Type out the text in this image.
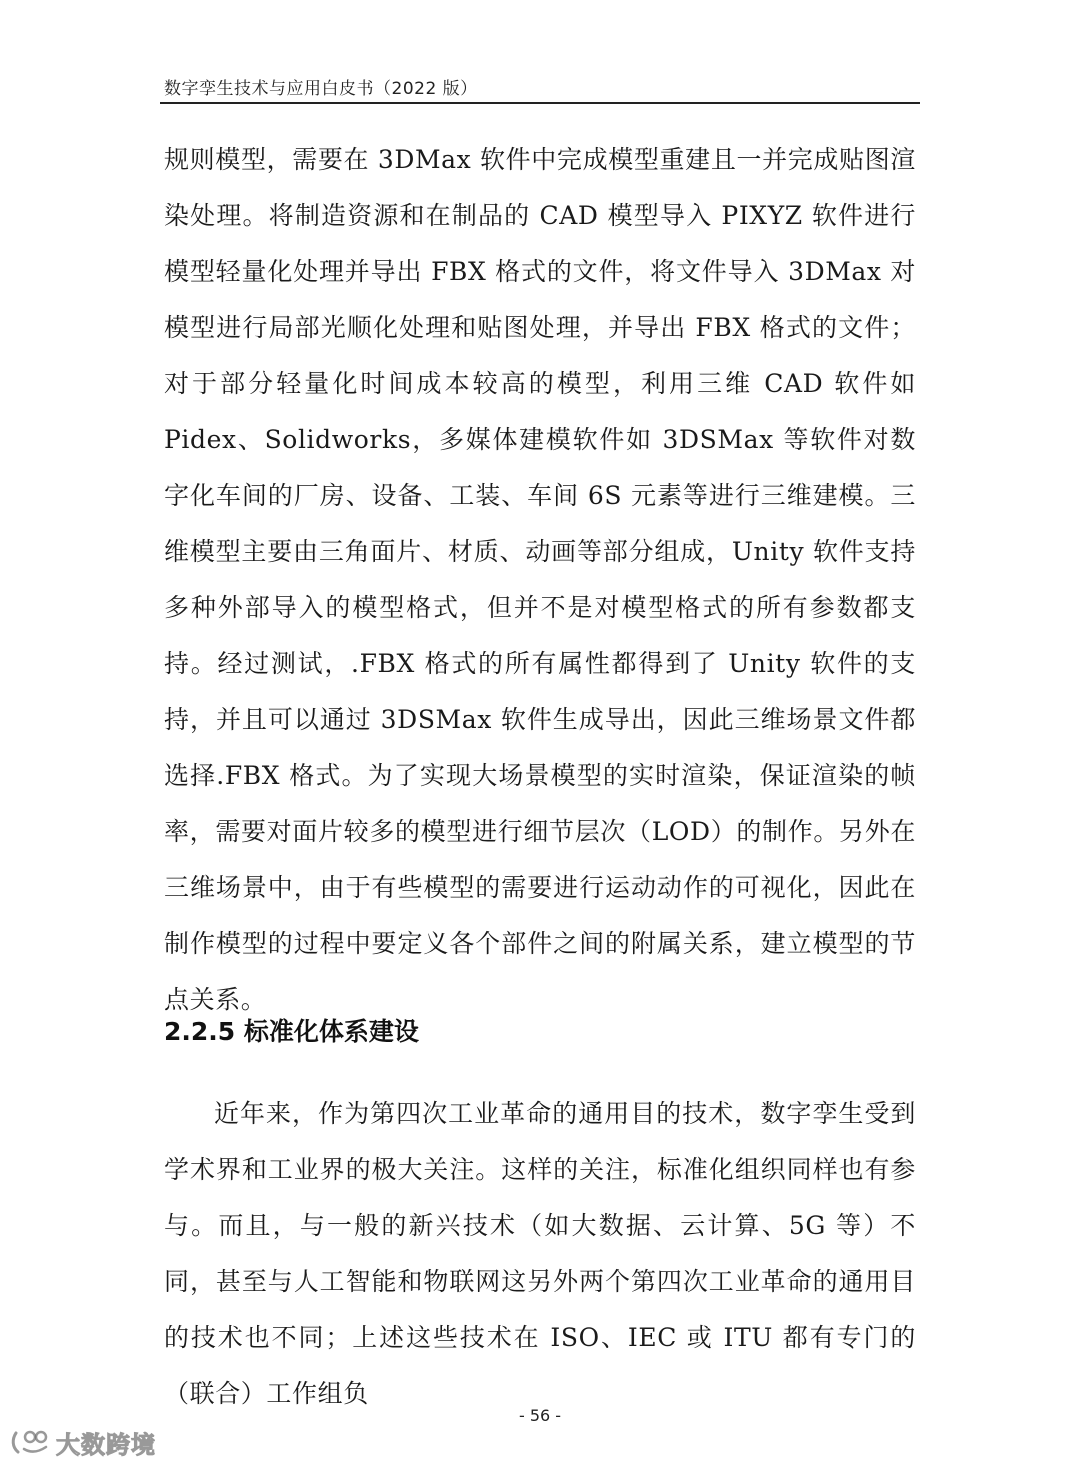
数字孪生技术与应用白皮书（2022 版）
规则模型，需要在 3DMax 软件中完成模型重建且一并完成贴图渲染处理。将制造资源和在制品的 CAD 模型导入 PIXYZ 软件进行模型轻量化处理并导出 FBX 格式的文件，将文件导入 3DMax 对模型进行局部光顺化处理和贴图处理，并导出 FBX 格式的文件；对于部分轻量化时间成本较高的模型，利用三维 CAD 软件如 Pidex、Solidworks，多媒体建模软件如 3DSMax 等软件对数字化车间的厂房、设备、工装、车间 6S 元素等进行三维建模。三维模型主要由三角面片、材质、动画等部分组成，Unity 软件支持多种外部导入的模型格式，但并不是对模型格式的所有参数都支持。经过测试，.FBX 格式的所有属性都得到了 Unity 软件的支持，并且可以通过 3DSMax 软件生成导出，因此三维场景文件都选择.FBX 格式。为了实现大场景模型的实时渲染，保证渲染的帧率，需要对面片较多的模型进行细节层次（LOD）的制作。另外在三维场景中，由于有些模型的需要进行运动动作的可视化，因此在制作模型的过程中要定义各个部件之间的附属关系，建立模型的节点关系。
2.2.5 标准化体系建设
近年来，作为第四次工业革命的通用目的技术，数字孪生受到学术界和工业界的极大关注。这样的关注，标准化组织同样也有参与。而且，与一般的新兴技术（如大数据、云计算、5G 等）不同，甚至与人工智能和物联网这另外两个第四次工业革命的通用目的技术也不同；上述这些技术在 ISO、IEC 或 ITU 都有专门的（联合）工作组负
- 56 -
大数跨境
